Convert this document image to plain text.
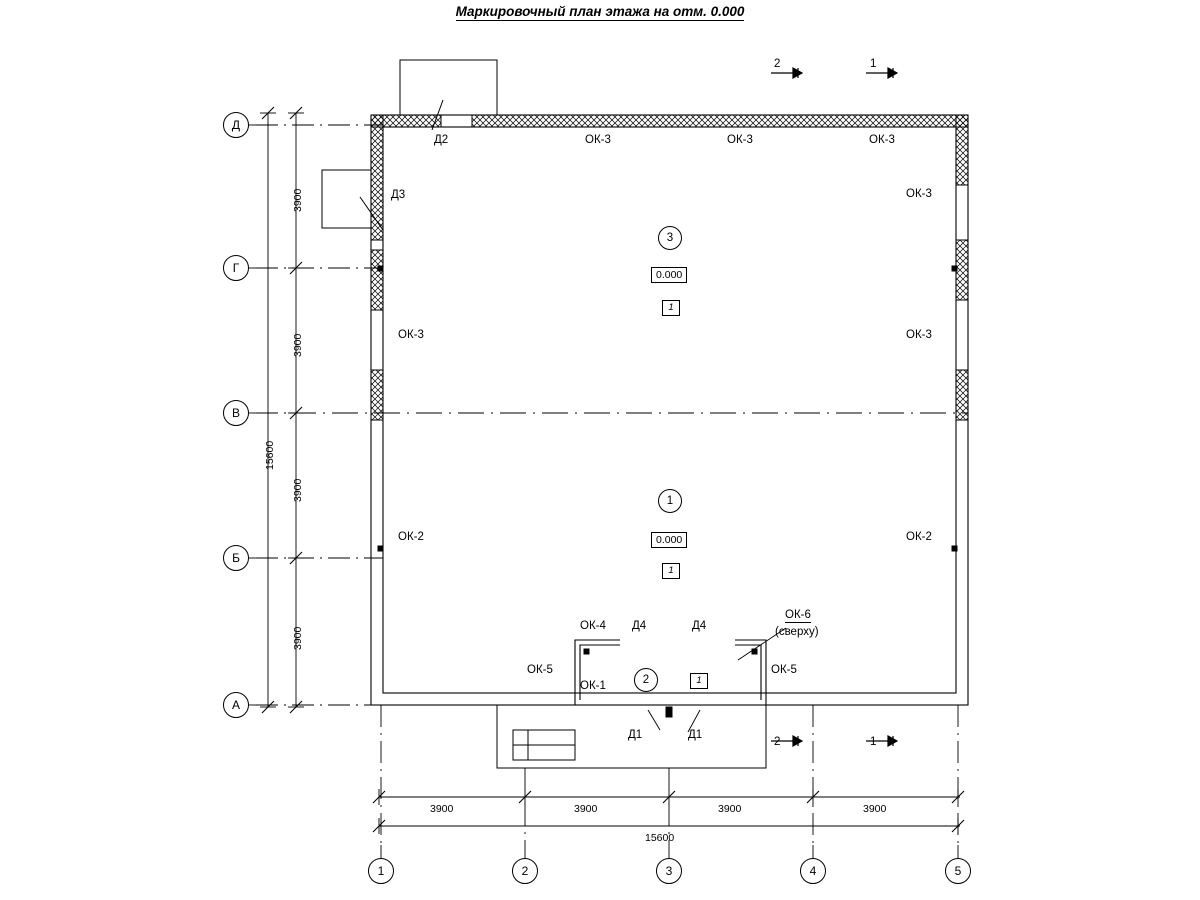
Маркировочный план этажа на отм. 0.000
Д
Г
В
Б
А
1	2	3	4	5
3900
3900
3900
3900
15600
3900	3900	3900	3900
15600
2	1
2	1
Д2
Д3
Д4	Д4
Д1	Д1
ОК-3	ОК-3	ОК-3
ОК-3
ОК-3
ОК-2
ОК-3
ОК-2
ОК-5
ОК-1
ОК-4
ОК-5
ОК-6
(сверху)
3
0.000
1
1
0.000
1
2	1
